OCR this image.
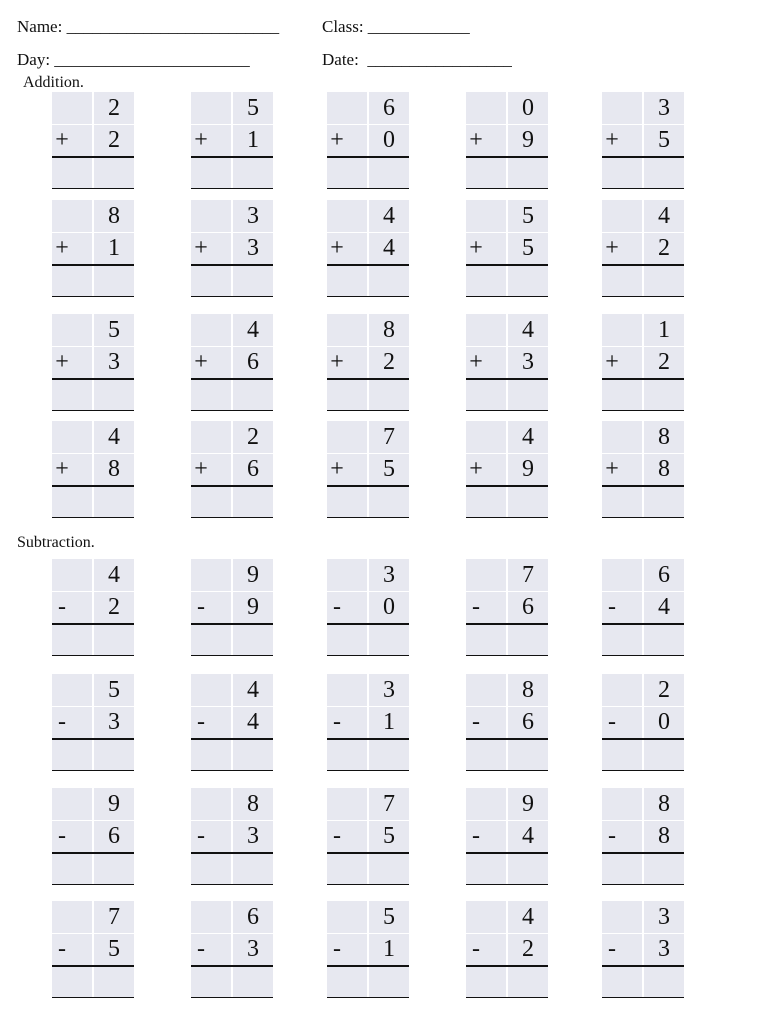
Name: _________________________	Class: ____________
Day: _______________________	Date:  _________________
Addition.
Subtraction.
2
+	2
5
+	1
6
+	0
0
+	9
3
+	5
8
+	1
3
+	3
4
+	4
5
+	5
4
+	2
5
+	3
4
+	6
8
+	2
4
+	3
1
+	2
4
+	8
2
+	6
7
+	5
4
+	9
8
+	8
4
-	2
9
-	9
3
-	0
7
-	6
6
-	4
5
-	3
4
-	4
3
-	1
8
-	6
2
-	0
9
-	6
8
-	3
7
-	5
9
-	4
8
-	8
7
-	5
6
-	3
5
-	1
4
-	2
3
-	3
